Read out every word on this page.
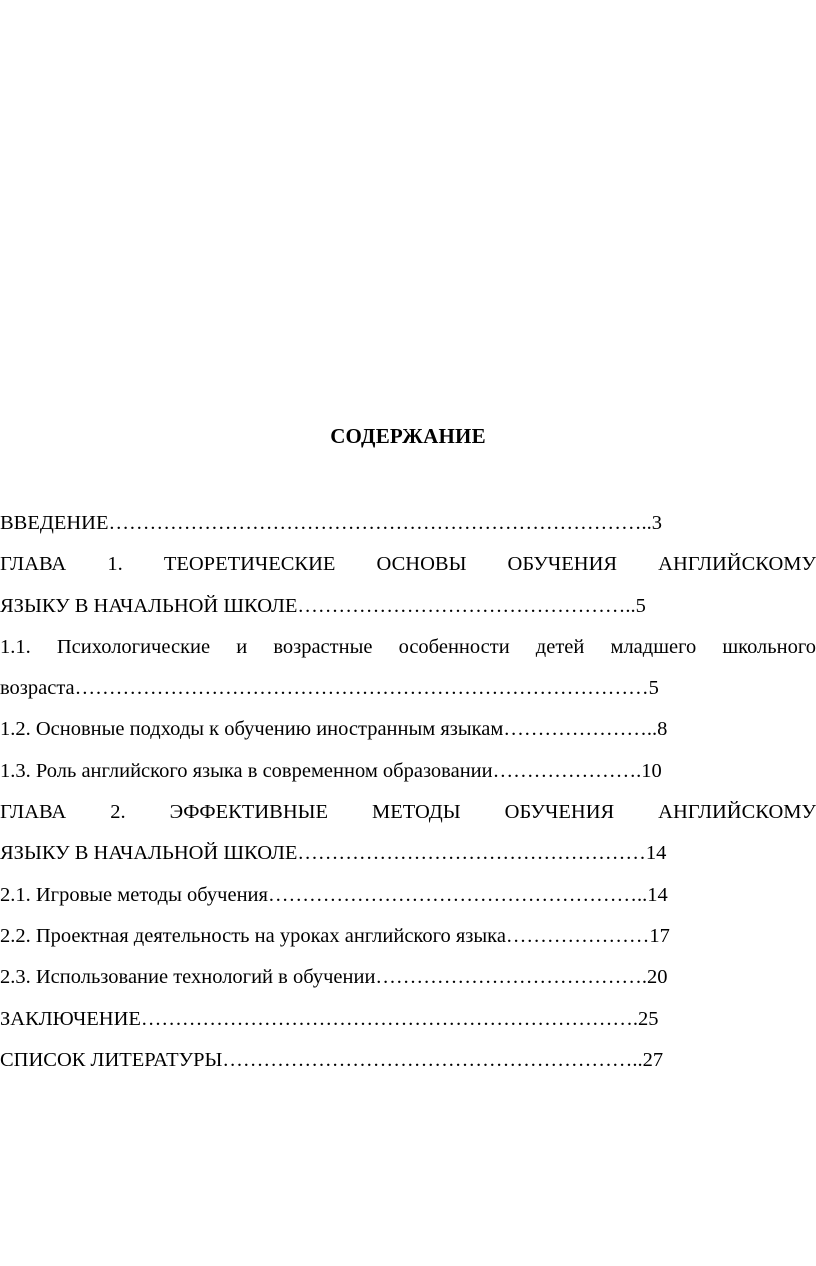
СОДЕРЖАНИЕ
ВВЕДЕНИЕ……………………………………………………………………..3
ГЛАВА 1. ТЕОРЕТИЧЕСКИЕ ОСНОВЫ ОБУЧЕНИЯ АНГЛИЙСКОМУ
ЯЗЫКУ В НАЧАЛЬНОЙ ШКОЛЕ…………………………………………..5
1.1. Психологические и возрастные особенности детей младшего школьного
возраста…………………………………………………………………………5
1.2. Основные подходы к обучению иностранным языкам…………………..8
1.3. Роль английского языка в современном образовании………………….10
ГЛАВА 2. ЭФФЕКТИВНЫЕ МЕТОДЫ ОБУЧЕНИЯ АНГЛИЙСКОМУ
ЯЗЫКУ В НАЧАЛЬНОЙ ШКОЛЕ……………………………………………14
2.1. Игровые методы обучения………………………………………………..14
2.2. Проектная деятельность на уроках английского языка…………………17
2.3. Использование технологий в обучении………………………………….20
ЗАКЛЮЧЕНИЕ……………………………………………………………….25
СПИСОК ЛИТЕРАТУРЫ……………………………………………………..27
